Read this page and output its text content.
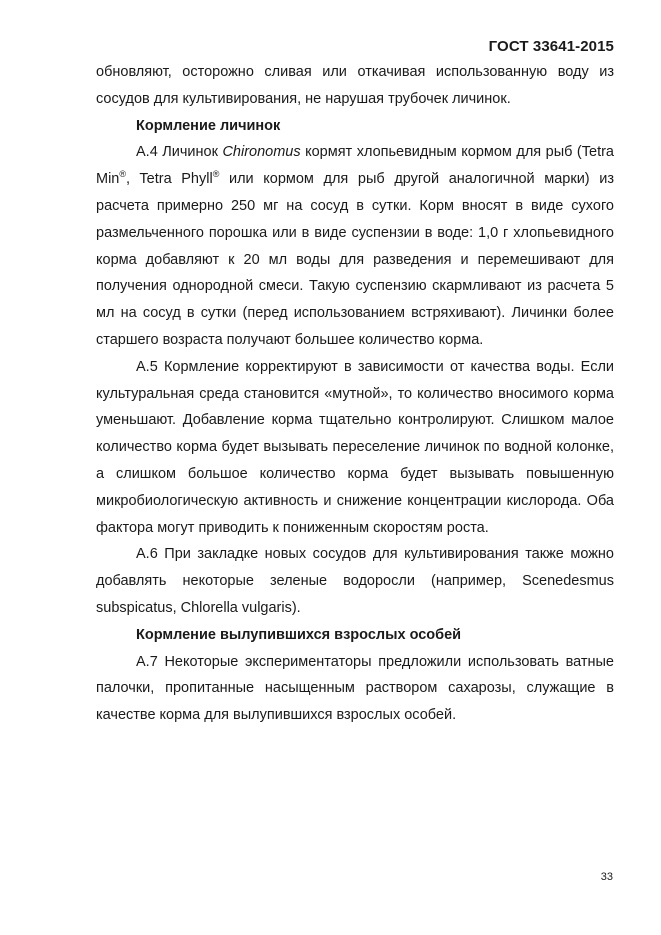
ГОСТ 33641-2015

обновляют, осторожно сливая или откачивая использованную воду из сосудов для культивирования, не нарушая трубочек личинок.

Кормление личинок

А.4 Личинок Chironomus кормят хлопьевидным кормом для рыб (Tetra Min®, Tetra Phyll® или кормом для рыб другой аналогичной марки) из расчета примерно 250 мг на сосуд в сутки. Корм вносят в виде сухого размельченного порошка или в виде суспензии в воде: 1,0 г хлопьевидного корма добавляют к 20 мл воды для разведения и перемешивают для получения однородной смеси. Такую суспензию скармливают из расчета 5 мл на сосуд в сутки (перед использованием встряхивают). Личинки более старшего возраста получают большее количество корма.

А.5 Кормление корректируют в зависимости от качества воды. Если культуральная среда становится «мутной», то количество вносимого корма уменьшают. Добавление корма тщательно контролируют. Слишком малое количество корма будет вызывать переселение личинок по водной колонке, а слишком большое количество корма будет вызывать повышенную микробиологическую активность и снижение концентрации кислорода. Оба фактора могут приводить к пониженным скоростям роста.

А.6 При закладке новых сосудов для культивирования также можно добавлять некоторые зеленые водоросли (например, Scenedesmus subspicatus, Chlorella vulgaris).

Кормление вылупившихся взрослых особей

А.7 Некоторые экспериментаторы предложили использовать ватные палочки, пропитанные насыщенным раствором сахарозы, служащие в качестве корма для вылупившихся взрослых особей.

33
